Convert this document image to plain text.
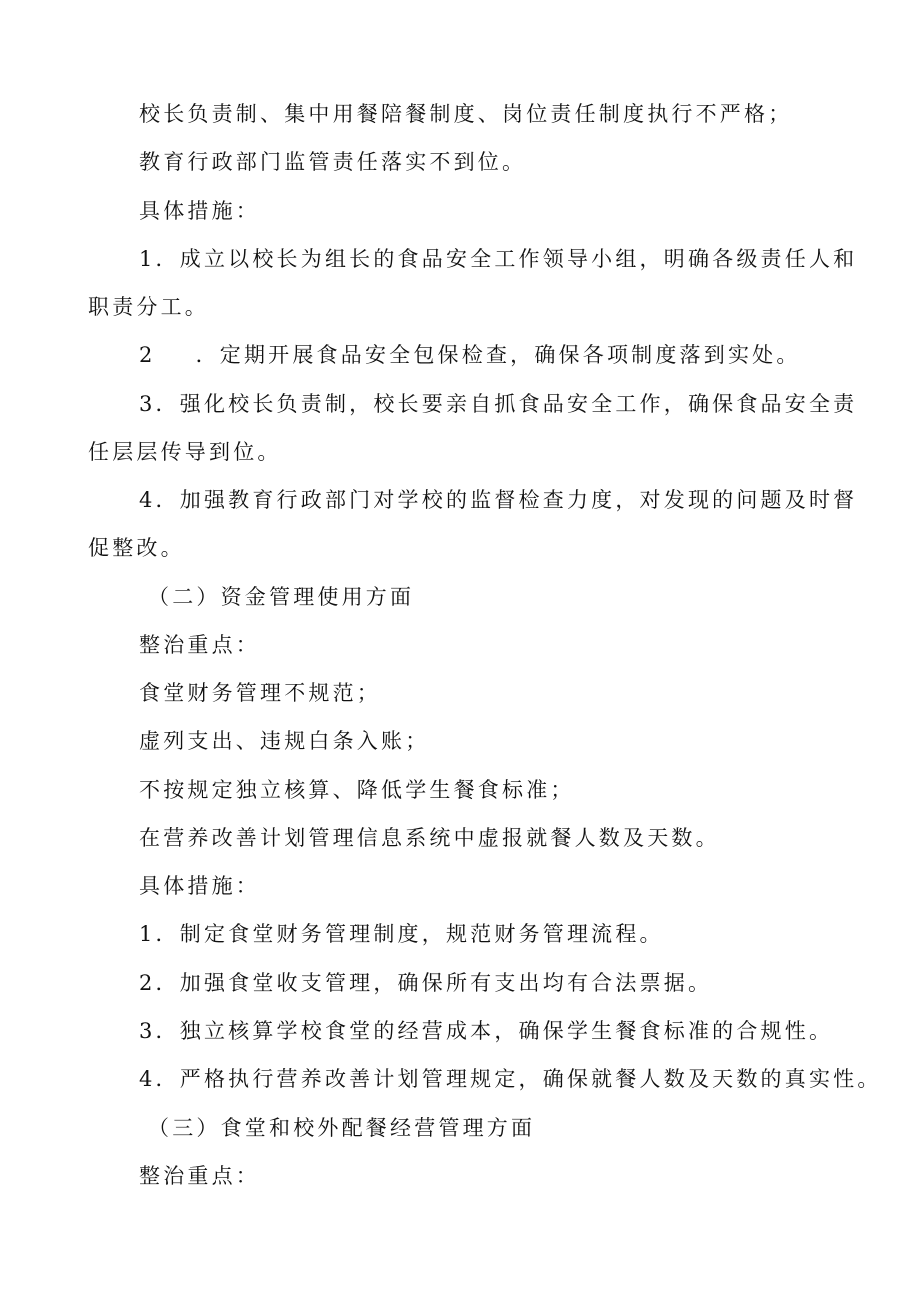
校长负责制、集中用餐陪餐制度、岗位责任制度执行不严格；
教育行政部门监管责任落实不到位。
具体措施：
1．成立以校长为组长的食品安全工作领导小组，明确各级责任人和
职责分工。
2 ．定期开展食品安全包保检查，确保各项制度落到实处。
3．强化校长负责制，校长要亲自抓食品安全工作，确保食品安全责
任层层传导到位。
4．加强教育行政部门对学校的监督检查力度，对发现的问题及时督
促整改。
（二）资金管理使用方面
整治重点：
食堂财务管理不规范；
虚列支出、违规白条入账；
不按规定独立核算、降低学生餐食标准；
在营养改善计划管理信息系统中虚报就餐人数及天数。
具体措施：
1．制定食堂财务管理制度，规范财务管理流程。
2．加强食堂收支管理，确保所有支出均有合法票据。
3．独立核算学校食堂的经营成本，确保学生餐食标准的合规性。
4．严格执行营养改善计划管理规定，确保就餐人数及天数的真实性。
（三）食堂和校外配餐经营管理方面
整治重点：
